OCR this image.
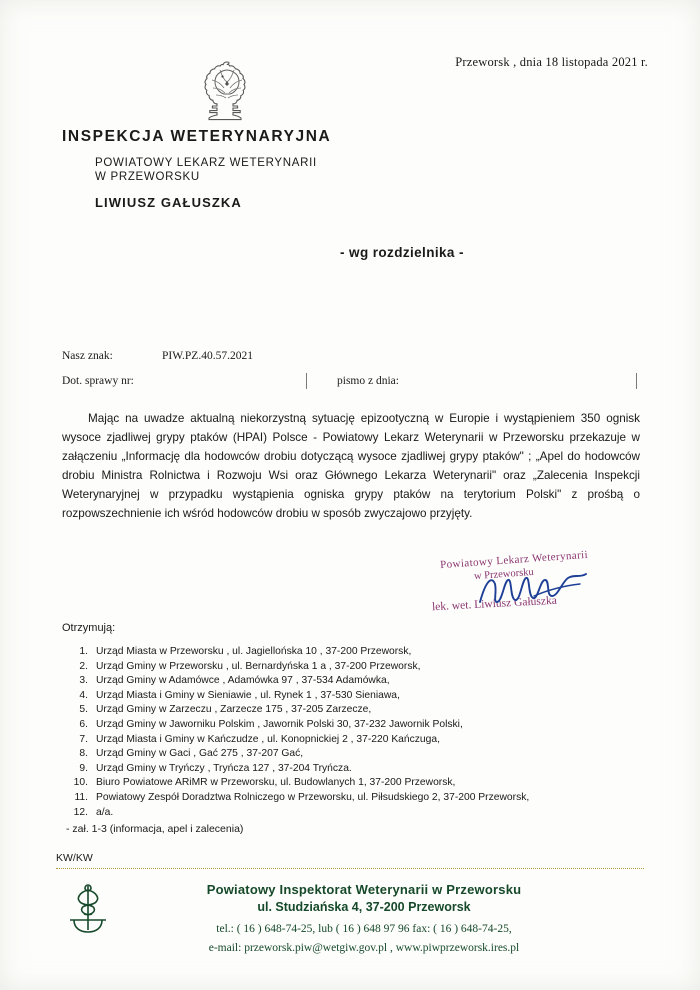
Przeworsk , dnia 18 listopada 2021 r.
INSPEKCJA WETERYNARYJNA
POWIATOWY LEKARZ WETERYNARII
W PRZEWORSKU
LIWIUSZ GAŁUSZKA
- wg rozdzielnika -
Nasz znak:	PIW.PZ.40.57.2021
Dot. sprawy nr:	pismo z dnia:
Mając na uwadze aktualną niekorzystną sytuację epizootyczną w Europie i wystąpieniem 350 ognisk wysoce zjadliwej grypy ptaków (HPAI) Polsce - Powiatowy Lekarz Weterynarii w Przeworsku przekazuje w załączeniu „Informację dla hodowców drobiu dotyczącą wysoce zjadliwej grypy ptaków" ; „Apel do hodowców drobiu Ministra Rolnictwa i Rozwoju Wsi oraz Głównego Lekarza Weterynarii" oraz „Zalecenia Inspekcji Weterynaryjnej w przypadku wystąpienia ogniska grypy ptaków na terytorium Polski" z prośbą o rozpowszechnienie ich wśród hodowców drobiu w sposób zwyczajowo przyjęty.
Powiatowy Lekarz Weterynarii
w Przeworsku
lek. wet. Liwiusz Gałuszka
Otrzymują:
1. Urząd Miasta w Przeworsku , ul. Jagiellońska 10 , 37-200 Przeworsk,
2. Urząd Gminy w Przeworsku , ul. Bernardyńska 1 a , 37-200 Przeworsk,
3. Urząd Gminy w Adamówce , Adamówka 97 , 37-534 Adamówka,
4. Urząd Miasta i Gminy w Sieniawie , ul. Rynek 1 , 37-530 Sieniawa,
5. Urząd Gminy w Zarzeczu , Zarzecze 175 , 37-205 Zarzecze,
6. Urząd Gminy w Jaworniku Polskim , Jawornik Polski 30, 37-232 Jawornik Polski,
7. Urząd Miasta i Gminy w Kańczudze , ul. Konopnickiej 2 , 37-220 Kańczuga,
8. Urząd Gminy w Gaci , Gać 275 , 37-207 Gać,
9. Urząd Gminy w Tryńczy , Tryńcza 127 , 37-204 Tryńcza.
10. Biuro Powiatowe ARiMR w Przeworsku, ul. Budowlanych 1, 37-200 Przeworsk,
11. Powiatowy Zespół Doradztwa Rolniczego w Przeworsku, ul. Piłsudskiego 2, 37-200 Przeworsk,
12. a/a.
- zał. 1-3 (informacja, apel i zalecenia)
KW/KW
Powiatowy Inspektorat Weterynarii w Przeworsku
ul. Studziańska 4, 37-200 Przeworsk
tel.: ( 16 ) 648-74-25, lub ( 16 ) 648 97 96 fax: ( 16 ) 648-74-25,
e-mail: przeworsk.piw@wetgiw.gov.pl , www.piwprzeworsk.ires.pl
